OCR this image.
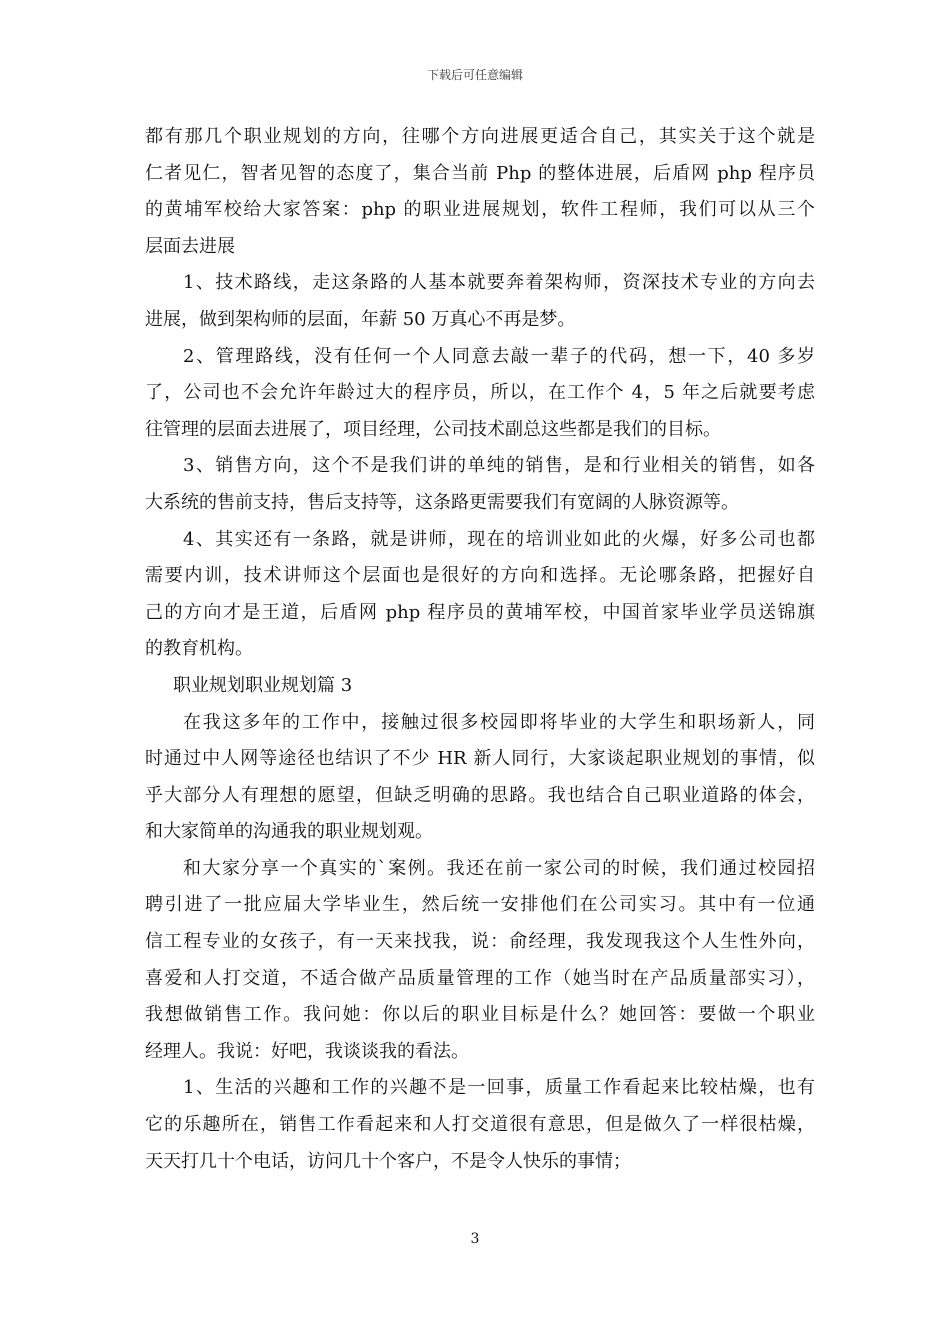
下载后可任意编辑
都有那几个职业规划的方向，往哪个方向进展更适合自己，其实关于这个就是
仁者见仁，智者见智的态度了，集合当前 Php 的整体进展，后盾网 php 程序员
的黄埔军校给大家答案：php 的职业进展规划，软件工程师，我们可以从三个
层面去进展
1、技术路线，走这条路的人基本就要奔着架构师，资深技术专业的方向去
进展，做到架构师的层面，年薪 50 万真心不再是梦。
2、管理路线，没有任何一个人同意去敲一辈子的代码，想一下，40 多岁
了，公司也不会允许年龄过大的程序员，所以，在工作个 4，5 年之后就要考虑
往管理的层面去进展了，项目经理，公司技术副总这些都是我们的目标。
3、销售方向，这个不是我们讲的单纯的销售，是和行业相关的销售，如各
大系统的售前支持，售后支持等，这条路更需要我们有宽阔的人脉资源等。
4、其实还有一条路，就是讲师，现在的培训业如此的火爆，好多公司也都
需要内训，技术讲师这个层面也是很好的方向和选择。无论哪条路，把握好自
己的方向才是王道，后盾网 php 程序员的黄埔军校，中国首家毕业学员送锦旗
的教育机构。
职业规划职业规划篇 3
在我这多年的工作中，接触过很多校园即将毕业的大学生和职场新人，同
时通过中人网等途径也结识了不少 HR 新人同行，大家谈起职业规划的事情，似
乎大部分人有理想的愿望，但缺乏明确的思路。我也结合自己职业道路的体会，
和大家简单的沟通我的职业规划观。
和大家分享一个真实的`案例。我还在前一家公司的时候，我们通过校园招
聘引进了一批应届大学毕业生，然后统一安排他们在公司实习。其中有一位通
信工程专业的女孩子，有一天来找我，说：俞经理，我发现我这个人生性外向，
喜爱和人打交道，不适合做产品质量管理的工作（她当时在产品质量部实习），
我想做销售工作。我问她：你以后的职业目标是什么？她回答：要做一个职业
经理人。我说：好吧，我谈谈我的看法。
1、生活的兴趣和工作的兴趣不是一回事，质量工作看起来比较枯燥，也有
它的乐趣所在，销售工作看起来和人打交道很有意思，但是做久了一样很枯燥，
天天打几十个电话，访问几十个客户，不是令人快乐的事情；
3
